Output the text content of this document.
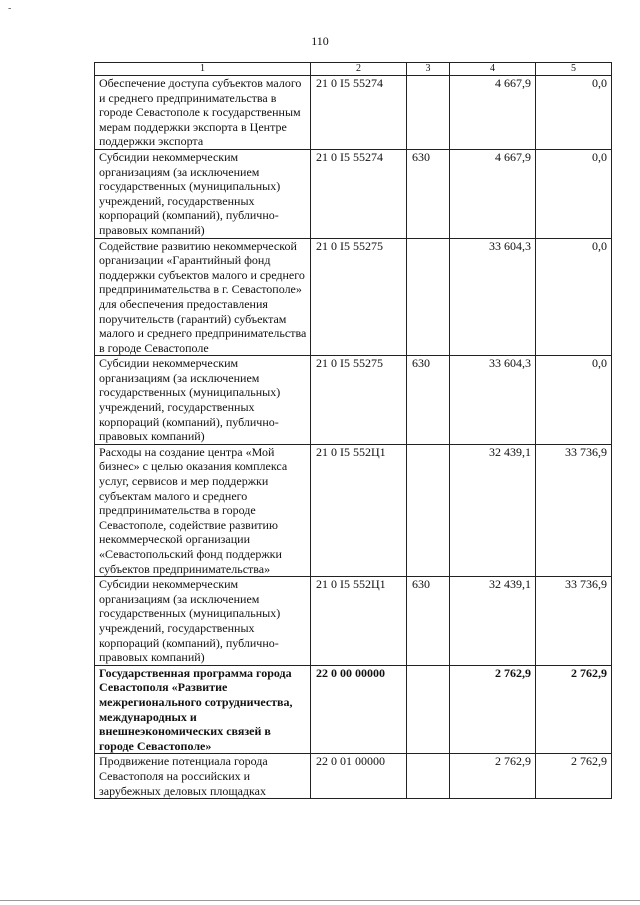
-
110
1	2	3	4	5
Обеспечение доступа субъектов малого и среднего предпринимательства в городе Севастополе к государственным мерам поддержки экспорта в Центре поддержки экспорта	21 0 I5 55274		4 667,9	0,0
Субсидии некоммерческим организациям (за исключением государственных (муниципальных) учреждений, государственных корпораций (компаний), публично-правовых компаний)	21 0 I5 55274	630	4 667,9	0,0
Содействие развитию некоммерческой организации «Гарантийный фонд поддержки субъектов малого и среднего предпринимательства в г. Севастополе» для обеспечения предоставления поручительств (гарантий) субъектам малого и среднего предпринимательства в городе Севастополе	21 0 I5 55275		33 604,3	0,0
Субсидии некоммерческим организациям (за исключением государственных (муниципальных) учреждений, государственных корпораций (компаний), публично-правовых компаний)	21 0 I5 55275	630	33 604,3	0,0
Расходы на создание центра «Мой бизнес» с целью оказания комплекса услуг, сервисов и мер поддержки субъектам малого и среднего предпринимательства в городе Севастополе, содействие развитию некоммерческой организации «Севастопольский фонд поддержки субъектов предпринимательства»	21 0 I5 552Ц1		32 439,1	33 736,9
Субсидии некоммерческим организациям (за исключением государственных (муниципальных) учреждений, государственных корпораций (компаний), публично-правовых компаний)	21 0 I5 552Ц1	630	32 439,1	33 736,9
Государственная программа города Севастополя «Развитие межрегионального сотрудничества, международных и внешнеэкономических связей в городе Севастополе»	22 0 00 00000		2 762,9	2 762,9
Продвижение потенциала города Севастополя на российских и зарубежных деловых площадках	22 0 01 00000		2 762,9	2 762,9
